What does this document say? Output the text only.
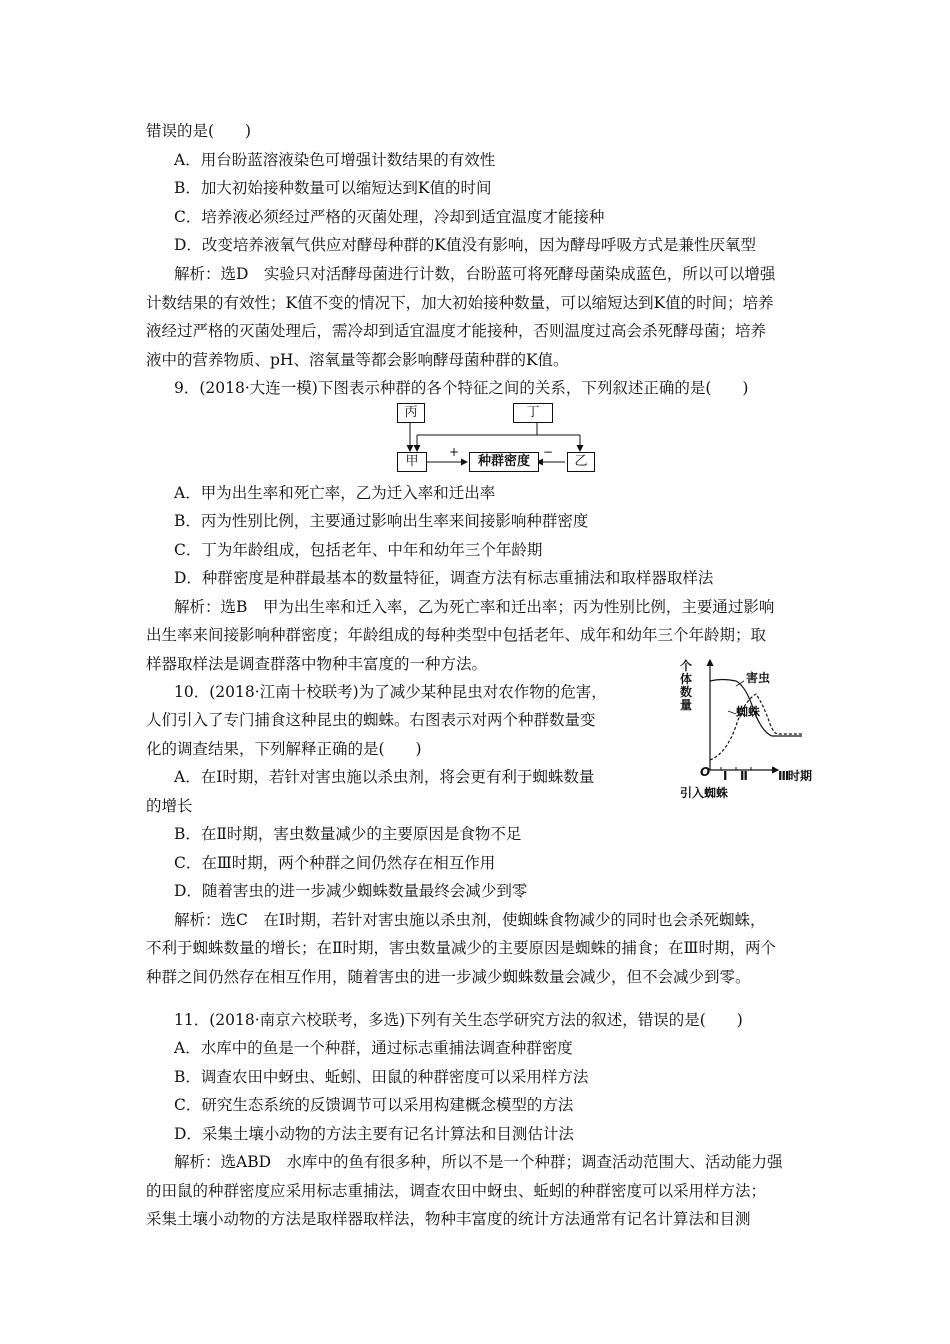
错误的是(　　)
A．用台盼蓝溶液染色可增强计数结果的有效性
B．加大初始接种数量可以缩短达到K值的时间
C．培养液必须经过严格的灭菌处理，冷却到适宜温度才能接种
D．改变培养液氧气供应对酵母种群的K值没有影响，因为酵母呼吸方式是兼性厌氧型
解析：选D　实验只对活酵母菌进行计数，台盼蓝可将死酵母菌染成蓝色，所以可以增强
计数结果的有效性；K值不变的情况下，加大初始接种数量，可以缩短达到K值的时间；培养
液经过严格的灭菌处理后，需冷却到适宜温度才能接种，否则温度过高会杀死酵母菌；培养
液中的营养物质、pH、溶氧量等都会影响酵母菌种群的K值。
9．(2018·大连一模)下图表示种群的各个特征之间的关系，下列叙述正确的是(　　)
丙	丁
甲	种群密度	乙
+	−
A．甲为出生率和死亡率，乙为迁入率和迁出率
B．丙为性别比例，主要通过影响出生率来间接影响种群密度
C．丁为年龄组成，包括老年、中年和幼年三个年龄期
D．种群密度是种群最基本的数量特征，调查方法有标志重捕法和取样器取样法
解析：选B　甲为出生率和迁入率，乙为死亡率和迁出率；丙为性别比例，主要通过影响
出生率来间接影响种群密度；年龄组成的每种类型中包括老年、成年和幼年三个年龄期；取
样器取样法是调查群落中物种丰富度的一种方法。
10．(2018·江南十校联考)为了减少某种昆虫对农作物的危害，
人们引入了专门捕食这种昆虫的蜘蛛。右图表示对两个种群数量变
化的调查结果，下列解释正确的是(　　)
A．在Ⅰ时期，若针对害虫施以杀虫剂，将会更有利于蜘蛛数量
的增长
个
体
数
量
害虫
蜘蛛
O Ⅰ Ⅱ	Ⅲ
时期
引入蜘蛛
B．在Ⅱ时期，害虫数量减少的主要原因是食物不足
C．在Ⅲ时期，两个种群之间仍然存在相互作用
D．随着害虫的进一步减少蜘蛛数量最终会减少到零
解析：选C　在Ⅰ时期，若针对害虫施以杀虫剂，使蜘蛛食物减少的同时也会杀死蜘蛛，
不利于蜘蛛数量的增长；在Ⅱ时期，害虫数量减少的主要原因是蜘蛛的捕食；在Ⅲ时期，两个
种群之间仍然存在相互作用，随着害虫的进一步减少蜘蛛数量会减少，但不会减少到零。
11．(2018·南京六校联考，多选)下列有关生态学研究方法的叙述，错误的是(　　)
A．水库中的鱼是一个种群，通过标志重捕法调查种群密度
B．调查农田中蚜虫、蚯蚓、田鼠的种群密度可以采用样方法
C．研究生态系统的反馈调节可以采用构建概念模型的方法
D．采集土壤小动物的方法主要有记名计算法和目测估计法
解析：选ABD　水库中的鱼有很多种，所以不是一个种群；调查活动范围大、活动能力强
的田鼠的种群密度应采用标志重捕法，调查农田中蚜虫、蚯蚓的种群密度可以采用样方法；
采集土壤小动物的方法是取样器取样法，物种丰富度的统计方法通常有记名计算法和目测
